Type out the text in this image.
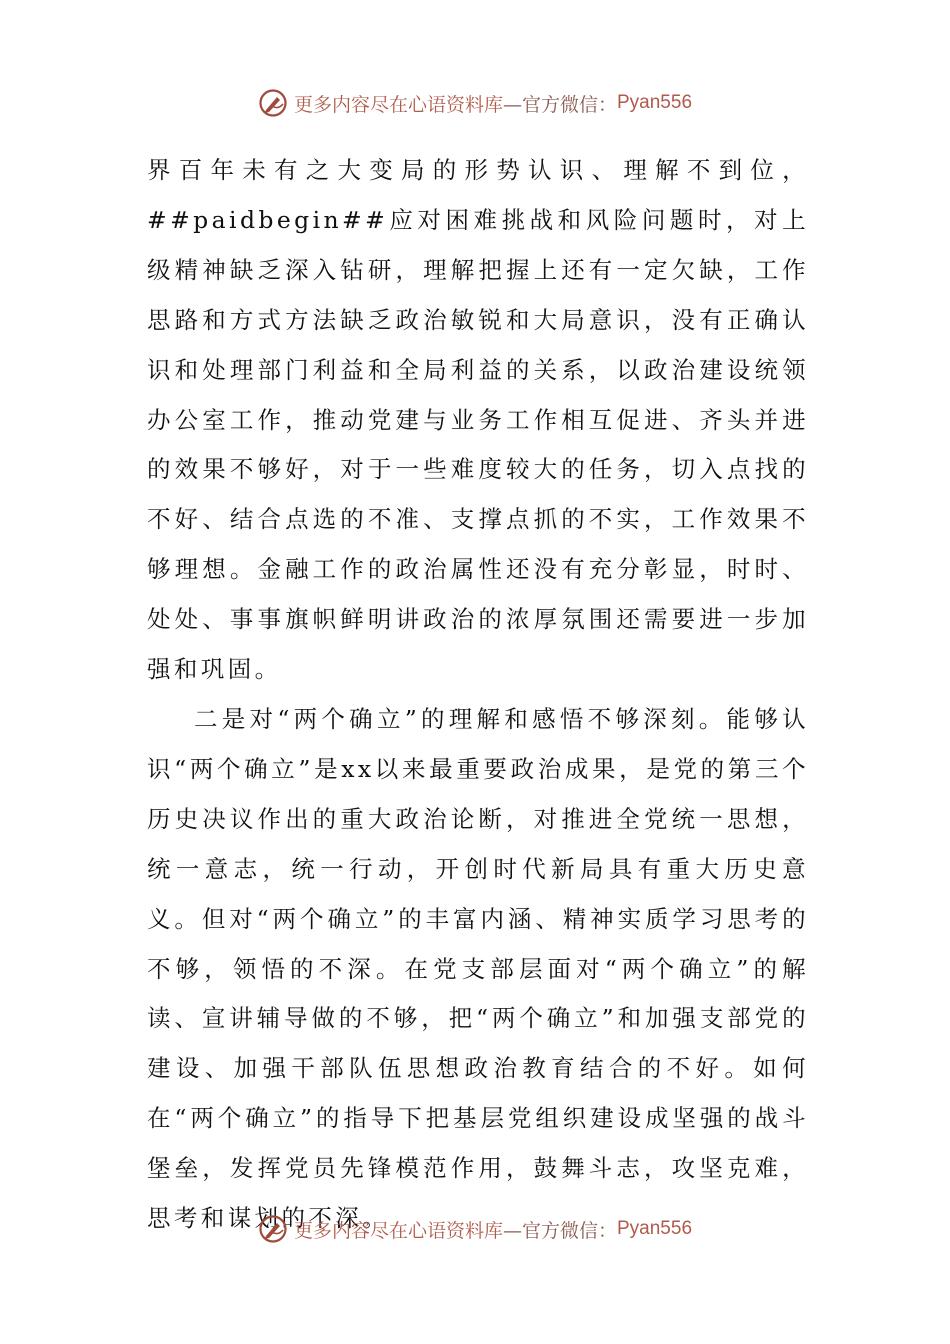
更多内容尽在心语资料库 —官方微信： Pyan556

界百年未有之大变局的形势认识、理解不到位，##paidbegin##应对困难挑战和风险问题时，对上级精神缺乏深入钻研，理解把握上还有一定欠缺，工作思路和方式方法缺乏政治敏锐和大局意识，没有正确认识和处理部门利益和全局利益的关系，以政治建设统领办公室工作，推动党建与业务工作相互促进、齐头并进的效果不够好，对于一些难度较大的任务，切入点找的不好、结合点选的不准、支撑点抓的不实，工作效果不够理想。金融工作的政治属性还没有充分彰显，时时、处处、事事旗帜鲜明讲政治的浓厚氛围还需要进一步加强和巩固。

二是对“两个确立”的理解和感悟不够深刻。能够认识“两个确立”是xx以来最重要政治成果，是党的第三个历史决议作出的重大政治论断，对推进全党统一思想，统一意志，统一行动，开创时代新局具有重大历史意义。但对“两个确立”的丰富内涵、精神实质学习思考的不够，领悟的不深。在党支部层面对“两个确立”的解读、宣讲辅导做的不够，把“两个确立”和加强支部党的建设、加强干部队伍思想政治教育结合的不好。如何在“两个确立”的指导下把基层党组织建设成坚强的战斗堡垒，发挥党员先锋模范作用，鼓舞斗志，攻坚克难，思考和谋划的不深。

更多内容尽在心语资料库 —官方微信： Pyan556
